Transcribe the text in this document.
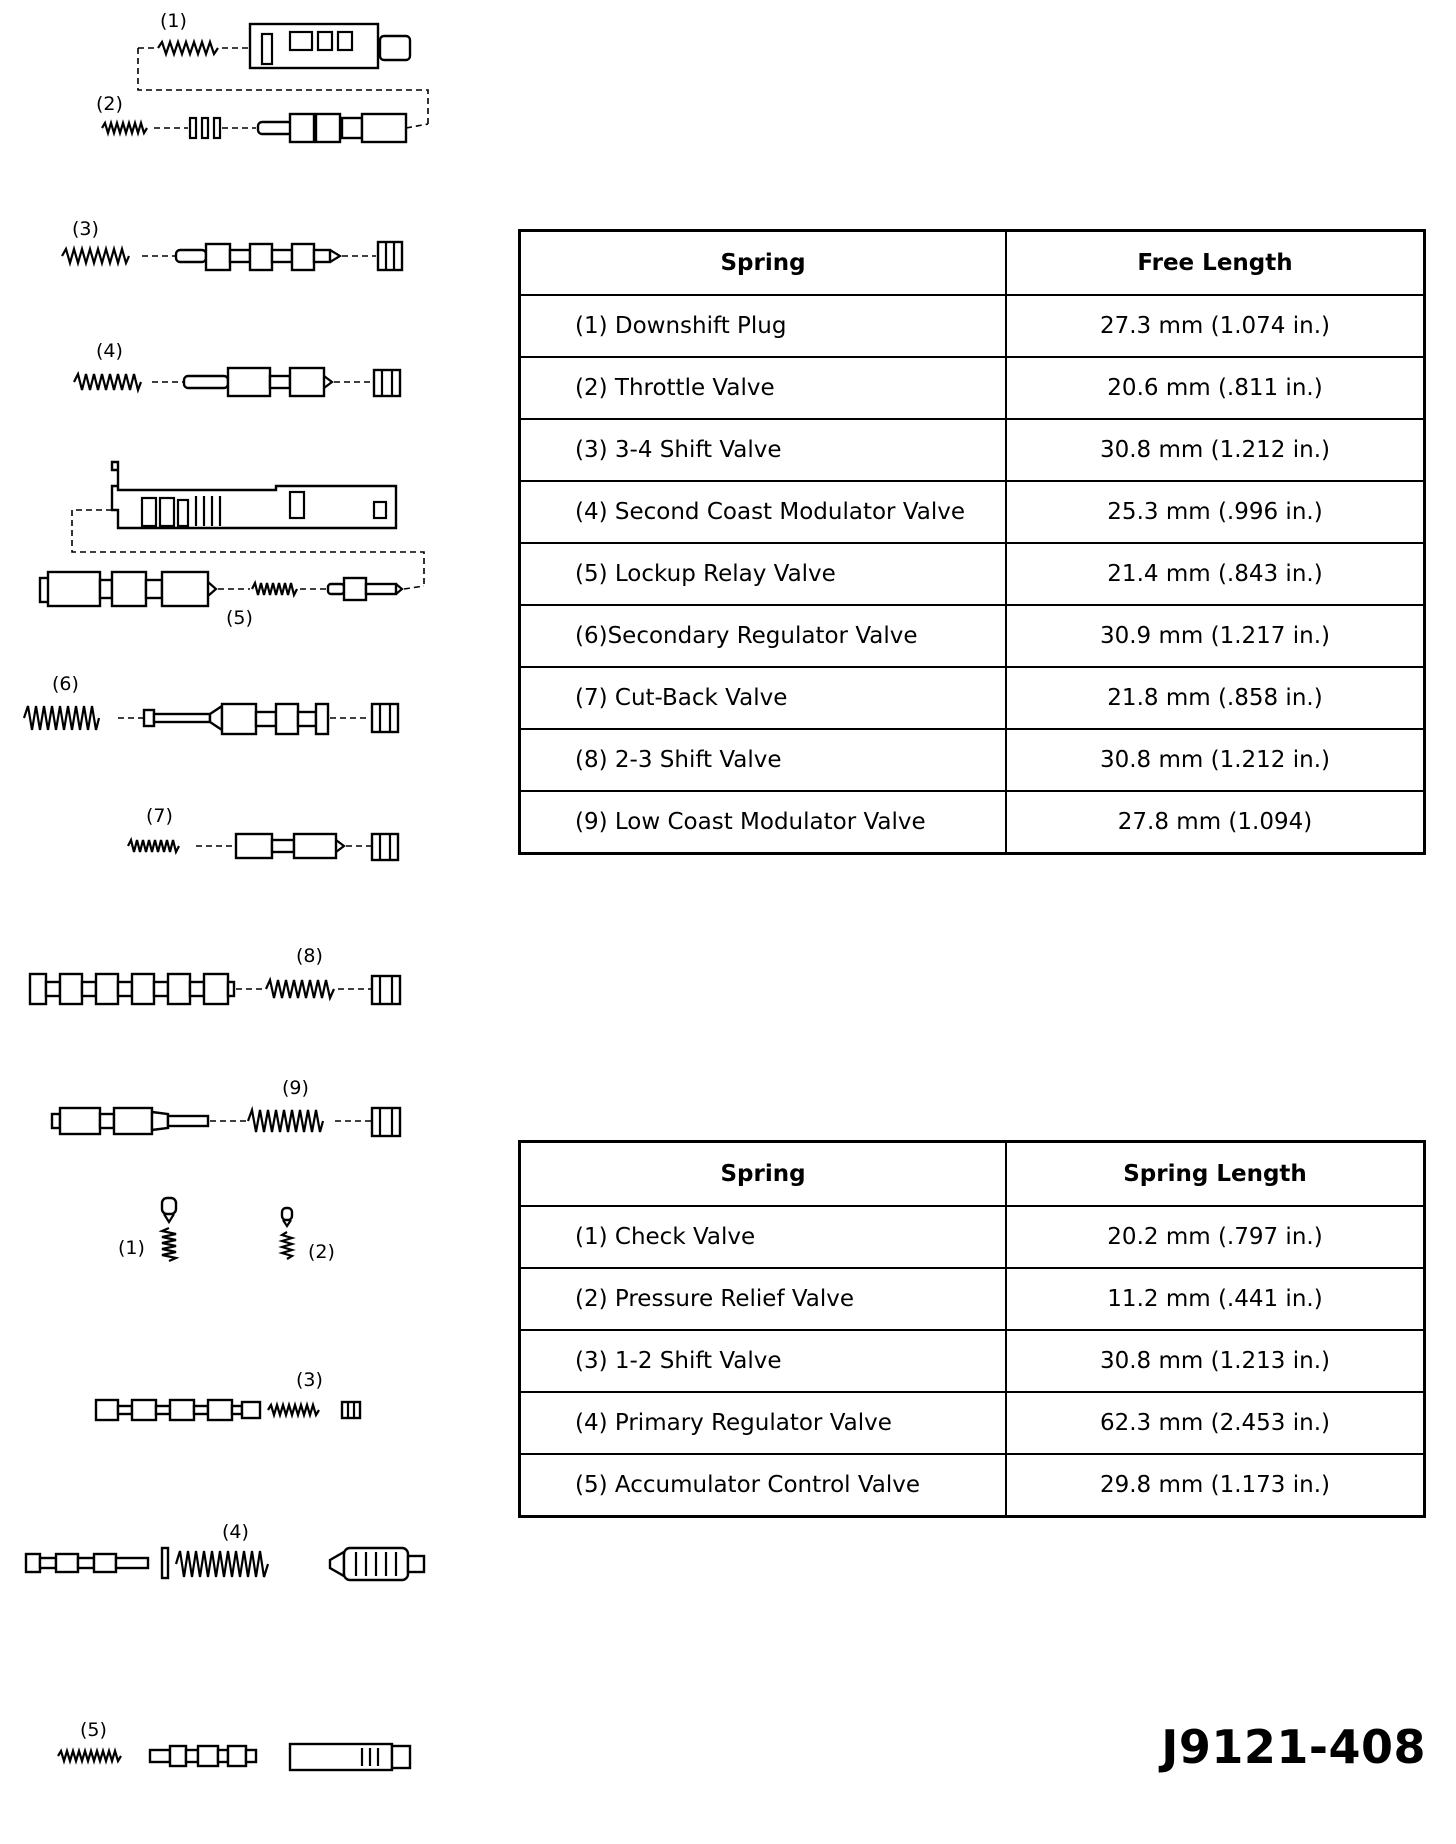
(1)
(2)
(3)
(4)
(5)
(6)
(7)
(8)
(9)
(1)	(2)
(3)
(4)
(5)
Spring	Free Length
(1) Downshift Plug	27.3 mm (1.074 in.)
(2) Throttle Valve	20.6 mm (.811 in.)
(3) 3-4 Shift Valve	30.8 mm (1.212 in.)
(4) Second Coast Modulator Valve	25.3 mm (.996 in.)
(5) Lockup Relay Valve	21.4 mm (.843 in.)
(6)Secondary Regulator Valve	30.9 mm (1.217 in.)
(7) Cut-Back Valve	21.8 mm (.858 in.)
(8) 2-3 Shift Valve	30.8 mm (1.212 in.)
(9) Low Coast Modulator Valve	27.8 mm (1.094)
Spring	Spring Length
(1) Check Valve	20.2 mm (.797 in.)
(2) Pressure Relief Valve	11.2 mm (.441 in.)
(3) 1-2 Shift Valve	30.8 mm (1.213 in.)
(4) Primary Regulator Valve	62.3 mm (2.453 in.)
(5) Accumulator Control Valve	29.8 mm (1.173 in.)
J9121-408
